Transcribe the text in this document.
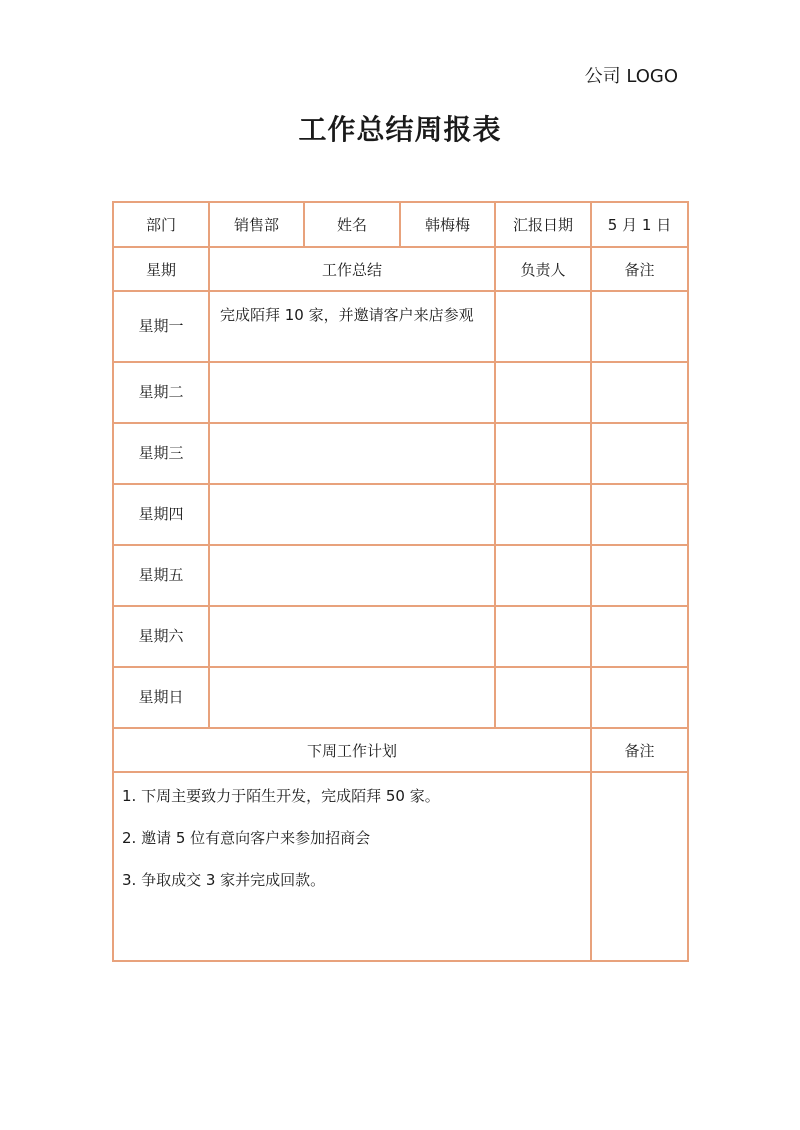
公司 LOGO
工作总结周报表
部门	销售部	姓名	韩梅梅	汇报日期	5 月 1 日
星期	工作总结			负责人	备注
星期一	完成陌拜 10 家，并邀请客户来店参观				
星期二					
星期三					
星期四					
星期五					
星期六					
星期日					
下周工作计划					备注

1. 下周主要致力于陌生开发，完成陌拜 50 家。
2. 邀请 5 位有意向客户来参加招商会
3. 争取成交 3 家并完成回款。					
